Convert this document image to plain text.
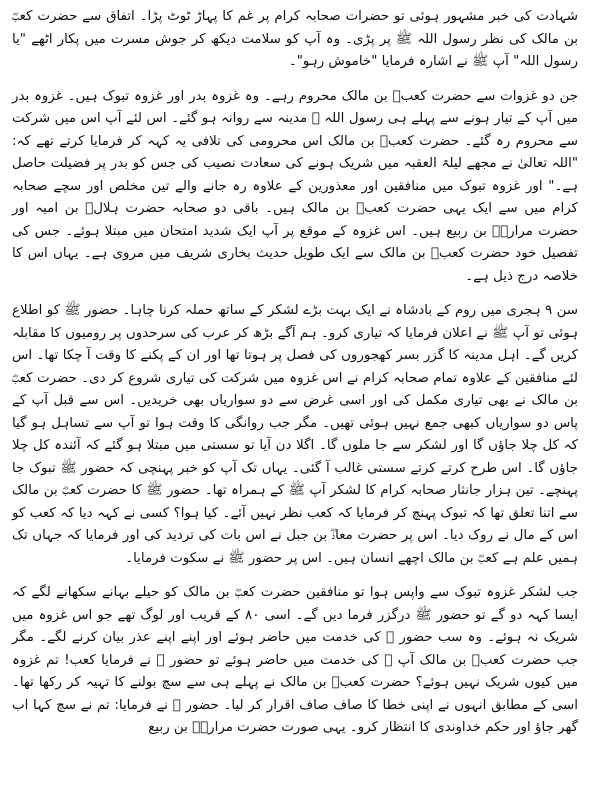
شہادت کی خبر مشہور ہوئی تو حضرات صحابہ کرام پر غم کا پہاڑ ٹوٹ پڑا۔ اتفاق سے حضرت کعبؓ بن مالک کی نظر رسول اللہ ﷺ پر پڑی۔ وہ آپ کو سلامت دیکھ کر جوش مسرت میں پکار اٹھے "یا رسول اللہ" آپ ﷺ نے اشارہ فرمایا "خاموش رہو"۔

جن دو غزوات سے حضرت کعبؓ بن مالک محروم رہے۔ وہ غزوہ بدر اور غزوہ تبوک ہیں۔ غزوہ بدر میں آپ کے تیار ہونے سے پہلے ہی رسول اللہ ﷺ مدینہ سے روانہ ہو گئے۔ اس لئے آپ اس میں شرکت سے محروم رہ گئے۔ حضرت کعبؓ بن مالک اس محرومی کی تلافی یہ کہہ کر فرمایا کرتے تھے کہ: "اللہ تعالیٰ نے مجھے لیلۃ العقبہ میں شریک ہونے کی سعادت نصیب کی جس کو بدر پر فضیلت حاصل ہے۔" اور غزوہ تبوک میں منافقین اور معذورین کے علاوہ رہ جانے والے تین مخلص اور سچے صحابہ کرام میں سے ایک یہی حضرت کعبؓ بن مالک ہیں۔ باقی دو صحابہ حضرت ہلالؓ بن امیہ اور حضرت مرارہؓ بن ربیع ہیں۔ اس غزوہ کے موقع پر آپ ایک شدید امتحان میں مبتلا ہوئے۔ جس کی تفصیل خود حضرت کعبؓ بن مالک سے ایک طویل حدیث بخاری شریف میں مروی ہے۔ یہاں اس کا خلاصہ درج ذیل ہے۔

سن ۹ ہجری میں روم کے بادشاہ نے ایک بہت بڑے لشکر کے ساتھ حملہ کرنا چاہا۔ حضور ﷺ کو اطلاع ہوئی تو آپ ﷺ نے اعلان فرمایا کہ تیاری کرو۔ ہم آگے بڑھ کر عرب کی سرحدوں پر رومیوں کا مقابلہ کریں گے۔ اہل مدینہ کا گزر بسر کھجوروں کی فصل پر ہوتا تھا اور ان کے پکنے کا وقت آ چکا تھا۔ اس لئے منافقین کے علاوہ تمام صحابہ کرام نے اس غزوہ میں شرکت کی تیاری شروع کر دی۔ حضرت کعبؓ بن مالک نے بھی تیاری مکمل کی اور اسی غرض سے دو سواریاں بھی خریدیں۔ اس سے قبل آپ کے پاس دو سواریاں کبھی جمع نہیں ہوئی تھیں۔ مگر جب روانگی کا وقت ہوا تو آپ سے تساہل ہو گیا کہ کل چلا جاؤں گا اور لشکر سے جا ملوں گا۔ اگلا دن آیا تو سستی میں مبتلا ہو گئے کہ آئندہ کل چلا جاؤں گا۔ اس طرح کرتے کرتے سستی غالب آ گئی۔ یہاں تک آپ کو خبر پہنچی کہ حضور ﷺ تبوک جا پہنچے۔ تین ہزار جانثار صحابہ کرام کا لشکر آپ ﷺ کے ہمراہ تھا۔ حضور ﷺ کا حضرت کعبؓ بن مالک سے اتنا تعلق تھا کہ تبوک پہنچ کر فرمایا کہ کعب نظر نہیں آئے۔ کیا ہوا؟ کسی نے کہہ دیا کہ کعب کو اس کے مال نے روک دیا۔ اس پر حضرت معاذؓ بن جبل نے اس بات کی تردید کی اور فرمایا کہ جہاں تک ہمیں علم ہے کعبؓ بن مالک اچھے انسان ہیں۔ اس پر حضور ﷺ نے سکوت فرمایا۔

جب لشکر غزوہ تبوک سے واپس ہوا تو منافقین حضرت کعبؓ بن مالک کو حیلے بہانے سکھانے لگے کہ ایسا کہہ دو گے تو حضور ﷺ درگزر فرما دیں گے۔ اسی ۸۰ کے قریب اور لوگ تھے جو اس غزوہ میں شریک نہ ہوئے۔ وہ سب حضور ﷺ کی خدمت میں حاضر ہوئے اور اپنے اپنے عذر بیان کرنے لگے۔ مگر جب حضرت کعبؓ بن مالک آپ ﷺ کی خدمت میں حاضر ہوئے تو حضور ﷺ نے فرمایا کعب! تم غزوہ میں کیوں شریک نہیں ہوئے؟ حضرت کعبؓ بن مالک نے پہلے ہی سے سچ بولنے کا تہیہ کر رکھا تھا۔ اسی کے مطابق انہوں نے اپنی خطا کا صاف صاف اقرار کر لیا۔ حضور ﷺ نے فرمایا: تم نے سچ کہا اب گھر جاؤ اور حکم خداوندی کا انتظار کرو۔ یہی صورت حضرت مرارہؓ بن ربیع
